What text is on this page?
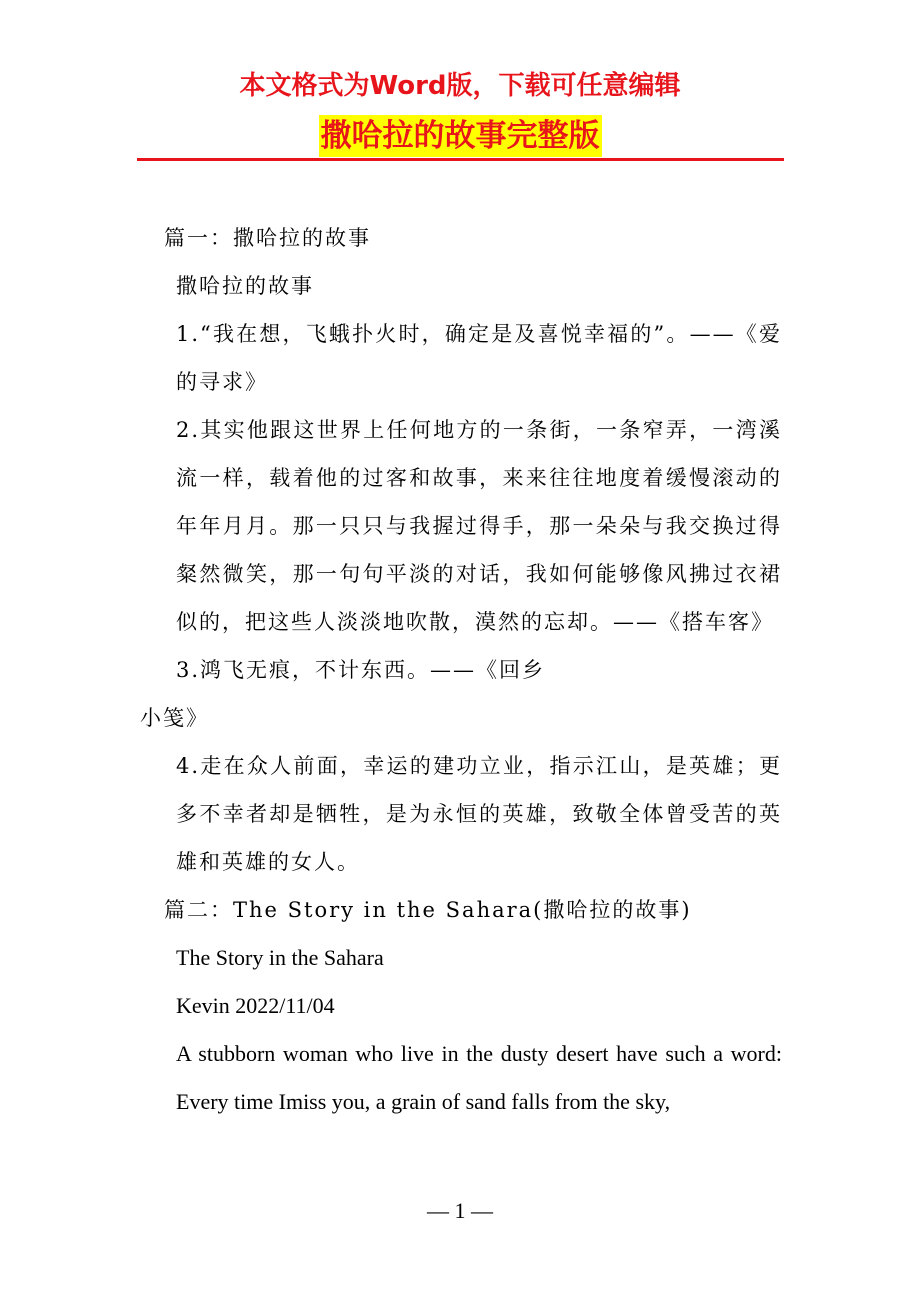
本文格式为Word版，下载可任意编辑
撒哈拉的故事完整版

篇一：撒哈拉的故事

撒哈拉的故事

1.“我在想，飞蛾扑火时，确定是及喜悦幸福的”。——《爱的寻求》

2.其实他跟这世界上任何地方的一条街，一条窄弄，一湾溪流一样，载着他的过客和故事，来来往往地度着缓慢滚动的年年月月。那一只只与我握过得手，那一朵朵与我交换过得粲然微笑，那一句句平淡的对话，我如何能够像风拂过衣裙似的，把这些人淡淡地吹散，漠然的忘却。——《搭车客》

3.鸿飞无痕，不计东西。——《回乡

小笺》

4.走在众人前面，幸运的建功立业，指示江山，是英雄；更多不幸者却是牺牲，是为永恒的英雄，致敬全体曾受苦的英雄和英雄的女人。

篇二：The Story in the Sahara(撒哈拉的故事)

The Story in the Sahara

Kevin 2022/11/04

A stubborn woman who live in the dusty desert have such a word: Every time Imiss you, a grain of sand falls from the sky,

— 1 —
